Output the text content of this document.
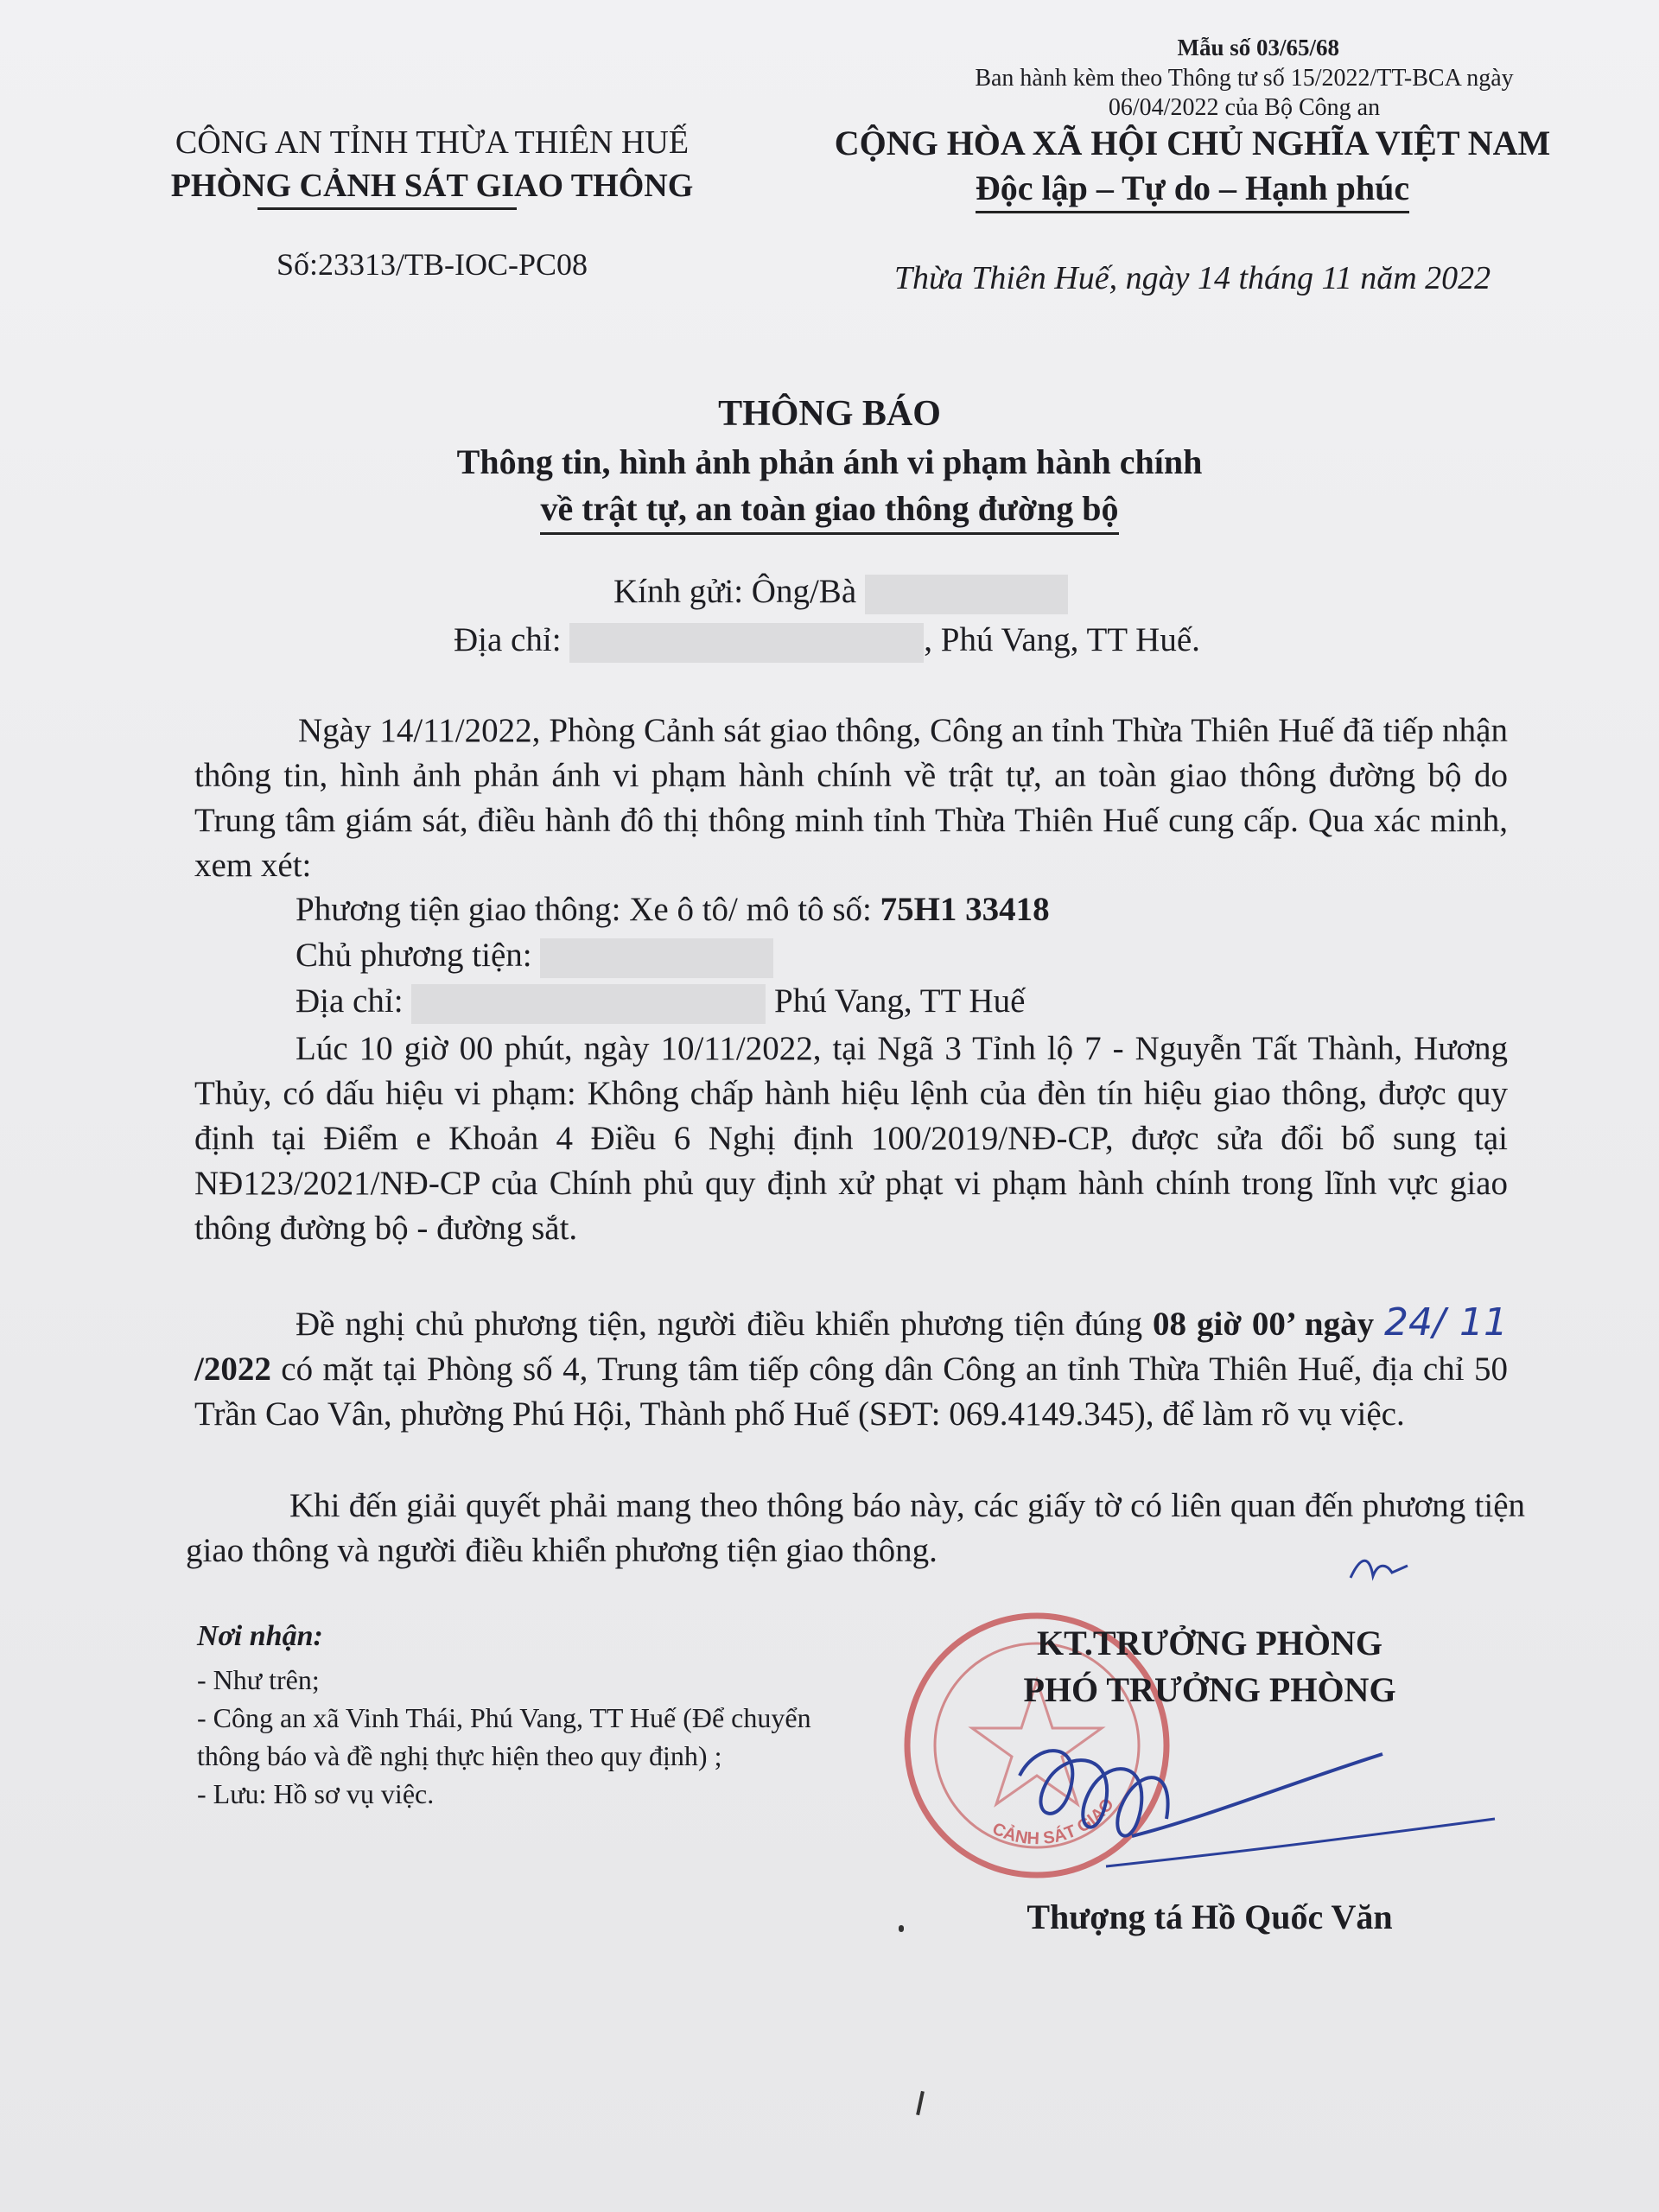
Mẫu số 03/65/68
Ban hành kèm theo Thông tư số 15/2022/TT-BCA ngày 06/04/2022 của Bộ Công an
CÔNG AN TỈNH THỪA THIÊN HUẾ
PHÒNG CẢNH SÁT GIAO THÔNG
CỘNG HÒA XÃ HỘI CHỦ NGHĨA VIỆT NAM
Độc lập – Tự do – Hạnh phúc
Số:23313/TB-IOC-PC08	Thừa Thiên Huế, ngày 14 tháng 11 năm 2022
THÔNG BÁO
Thông tin, hình ảnh phản ánh vi phạm hành chính
về trật tự, an toàn giao thông đường bộ
Kính gửi: Ông/Bà
Địa chỉ:	, Phú Vang, TT Huế.
Ngày 14/11/2022, Phòng Cảnh sát giao thông, Công an tỉnh Thừa Thiên Huế đã tiếp nhận thông tin, hình ảnh phản ánh vi phạm hành chính về trật tự, an toàn giao thông đường bộ do Trung tâm giám sát, điều hành đô thị thông minh tỉnh Thừa Thiên Huế cung cấp. Qua xác minh, xem xét:
Phương tiện giao thông: Xe ô tô/ mô tô số: 75H1 33418
Chủ phương tiện:
Địa chỉ:	Phú Vang, TT Huế
Lúc 10 giờ 00 phút, ngày 10/11/2022, tại Ngã 3 Tỉnh lộ 7 - Nguyễn Tất Thành, Hương Thủy, có dấu hiệu vi phạm: Không chấp hành hiệu lệnh của đèn tín hiệu giao thông, được quy định tại Điểm e Khoản 4 Điều 6 Nghị định 100/2019/NĐ-CP, được sửa đổi bổ sung tại NĐ123/2021/NĐ-CP của Chính phủ quy định xử phạt vi phạm hành chính trong lĩnh vực giao thông đường bộ - đường sắt.
Đề nghị chủ phương tiện, người điều khiển phương tiện đúng 08 giờ 00’ ngày 24/ 11 /2022 có mặt tại Phòng số 4, Trung tâm tiếp công dân Công an tỉnh Thừa Thiên Huế, địa chỉ 50 Trần Cao Vân, phường Phú Hội, Thành phố Huế (SĐT: 069.4149.345), để làm rõ vụ việc.
Khi đến giải quyết phải mang theo thông báo này, các giấy tờ có liên quan đến phương tiện giao thông và người điều khiển phương tiện giao thông.
Nơi nhận:
- Như trên;
- Công an xã Vinh Thái, Phú Vang, TT Huế (Để chuyển thông báo và đề nghị thực hiện theo quy định) ;
- Lưu: Hồ sơ vụ việc.
CẢNH SÁT GIAO
KT.TRƯỞNG PHÒNG
PHÓ TRƯỞNG PHÒNG
Thượng tá Hồ Quốc Văn
